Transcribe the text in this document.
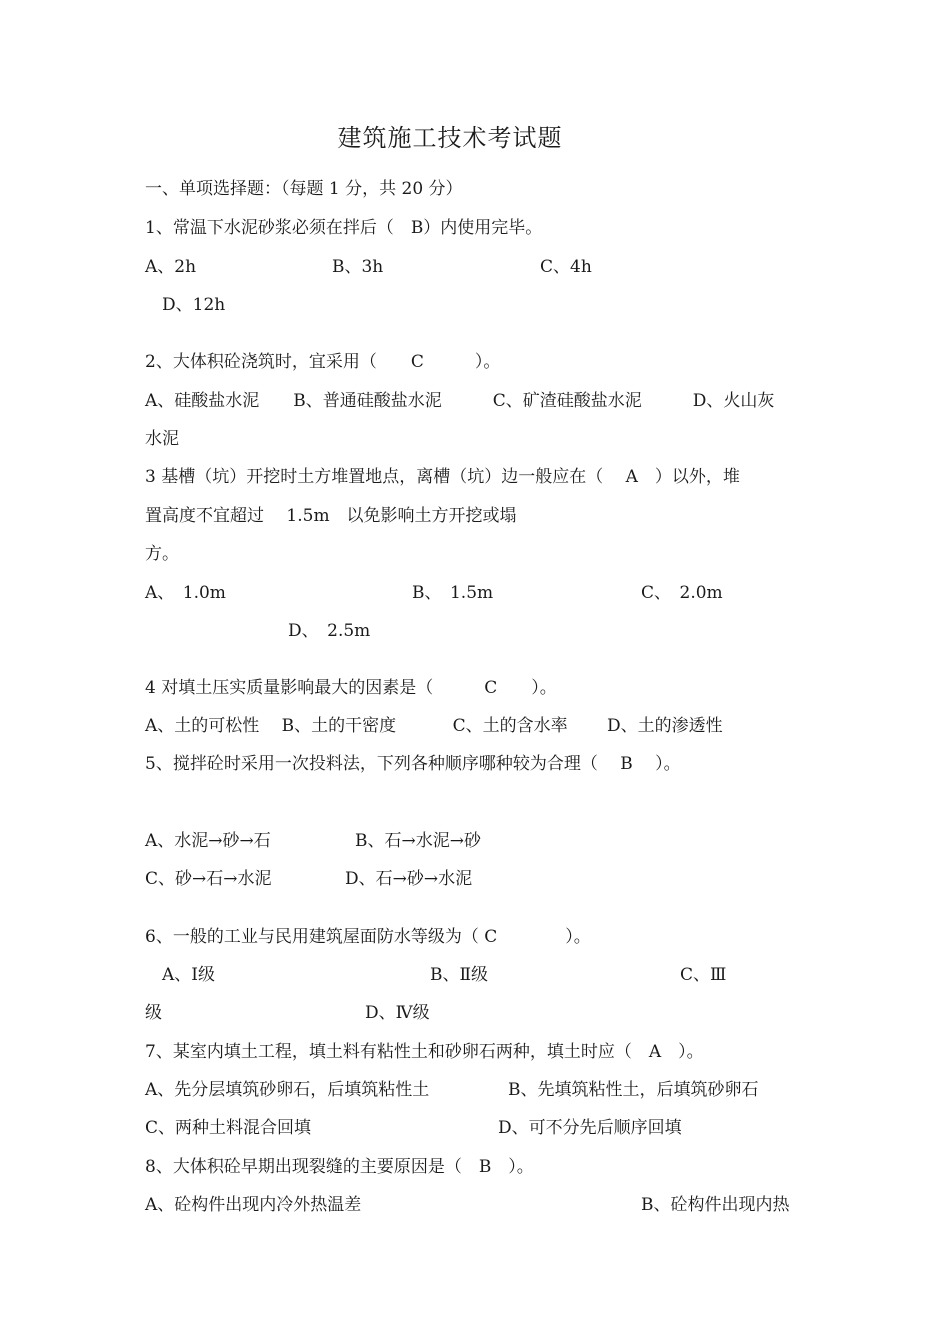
建筑施工技术考试题
一、单项选择题：（每题 1 分，共 20 分）
1、常温下水泥砂浆必须在拌后（　B）内使用完毕。
A、2h	B、3h	C、4h
D、12h
2、大体积砼浇筑时，宜采用（　　C　　　）。
A、硅酸盐水泥　　B、普通硅酸盐水泥　　　C、矿渣硅酸盐水泥　　　D、火山灰
水泥
3 基槽（坑）开挖时土方堆置地点，离槽（坑）边一般应在（　 A　）以外，堆
置高度不宜超过　 1.5m　以免影响土方开挖或塌
方。
A、　1.0m	B、　1.5m	C、　2.0m
D、　2.5m
4 对填土压实质量影响最大的因素是（　　　C　　）。
A、土的可松性　 B、土的干密度　　　 C、土的含水率　　 D、土的渗透性
5、搅拌砼时采用一次投料法，下列各种顺序哪种较为合理（　 B　 ）。
A、水泥→砂→石	B、石→水泥→砂
C、砂→石→水泥	D、石→砂→水泥
6、一般的工业与民用建筑屋面防水等级为（ C　　　　）。
A、Ⅰ级	B、Ⅱ级	C、Ⅲ
级	D、Ⅳ级
7、某室内填土工程，填土料有粘性土和砂卵石两种，填土时应（　A　）。
A、先分层填筑砂卵石，后填筑粘性土	B、先填筑粘性土，后填筑砂卵石
C、两种土料混合回填	D、可不分先后顺序回填
8、大体积砼早期出现裂缝的主要原因是（　B　）。
A、砼构件出现内冷外热温差	B、砼构件出现内热
